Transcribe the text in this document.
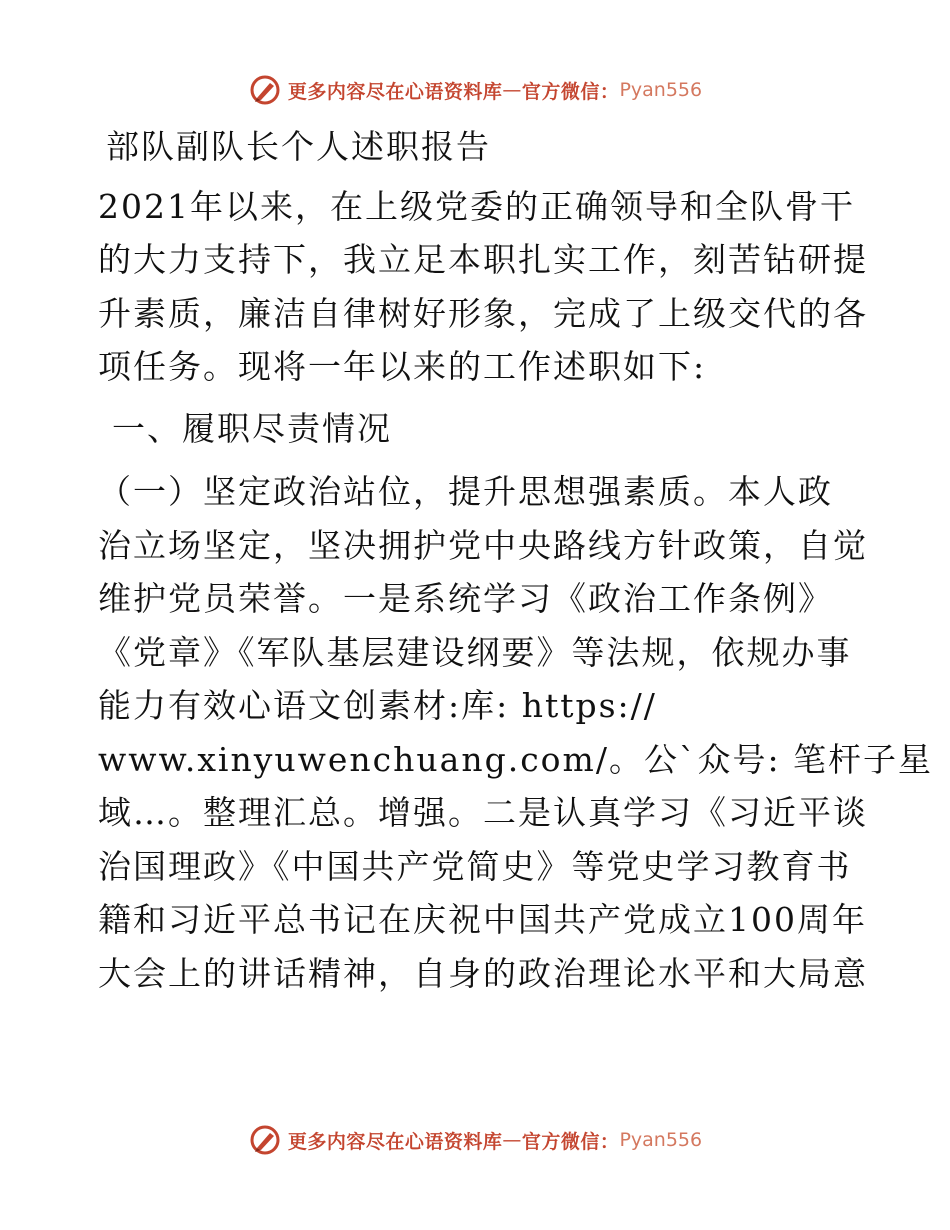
更多内容尽在心语资料库 — 官方微信： Pyan556
部队副队长个人述职报告
2021年以来，在上级党委的正确领导和全队骨干
的大力支持下，我立足本职扎实工作，刻苦钻研提
升素质，廉洁自律树好形象，完成了上级交代的各
项任务。现将一年以来的工作述职如下:
一、履职尽责情况
（一）坚定政治站位，提升思想强素质。本人政
治立场坚定，坚决拥护党中央路线方针政策，自觉
维护党员荣誉。一是系统学习《政治工作条例》
《党章》《军队基层建设纲要》等法规，依规办事
能力有效心语文创素材:库: https://
www.xinyuwenchuang.com/。公`众号: 笔杆子星
域…。整理汇总。增强。二是认真学习《习近平谈
治国理政》《中国共产党简史》等党史学习教育书
籍和习近平总书记在庆祝中国共产党成立100周年
大会上的讲话精神，自身的政治理论水平和大局意
更多内容尽在心语资料库 — 官方微信： Pyan556
